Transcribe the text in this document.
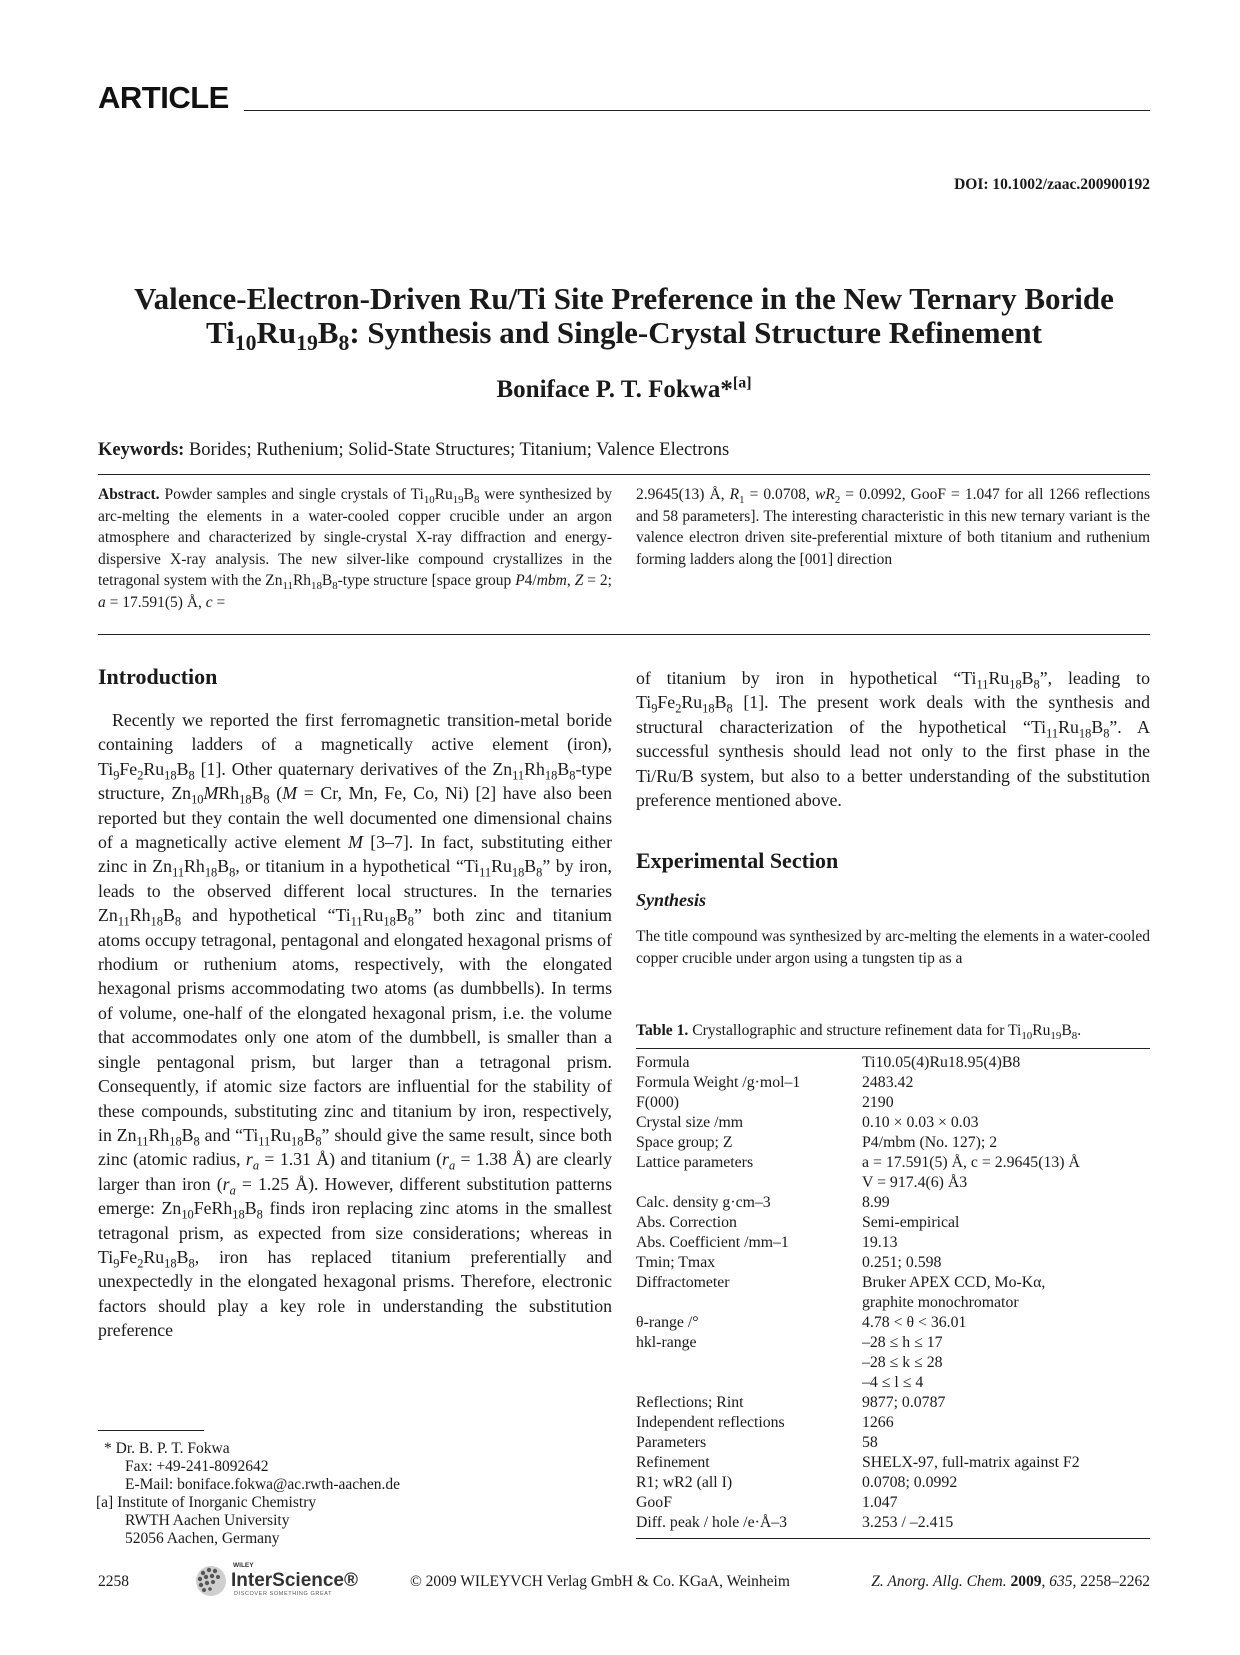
ARTICLE
DOI: 10.1002/zaac.200900192
Valence-Electron-Driven Ru/Ti Site Preference in the New Ternary Boride
$Ti_{10}Ru_{19}B_8$: Synthesis and Single-Crystal Structure Refinement
Boniface P. T. Fokwa*[a]
Keywords: Borides; Ruthenium; Solid-State Structures; Titanium; Valence Electrons
Abstract. Powder samples and single crystals of $Ti_{10}Ru_{19}B_8$ were synthesized by arc-melting the elements in a water-cooled copper crucible under an argon atmosphere and characterized by single-crystal X-ray diffraction and energy-dispersive X-ray analysis. The new silver-like compound crystallizes in the tetragonal system with the $Zn_{11}Rh_{18}B_8$-type structure [space group P4/mbm, Z = 2; a = 17.591(5) Å, c =
2.9645(13) Å, $R_1 = 0.0708$, $wR_2 = 0.0992$, GooF = 1.047 for all 1266 reflections and 58 parameters]. The interesting characteristic in this new ternary variant is the valence electron driven site-preferential mixture of both titanium and ruthenium forming ladders along the [001] direction
Introduction

Recently we reported the first ferromagnetic transition-metal boride containing ladders of a magnetically active element (iron), $Ti_9Fe_2Ru_{18}B_8$ [1]. Other quaternary derivatives of the $Zn_{11}Rh_{18}B_8$-type structure, $Zn_{10}MRh_{18}B_8$ (M = Cr, Mn, Fe, Co, Ni) [2] have also been reported but they contain the well documented one dimensional chains of a magnetically active element M [3–7]. In fact, substituting either zinc in $Zn_{11}Rh_{18}B_8$, or titanium in a hypothetical “$Ti_{11}Ru_{18}B_8$” by iron, leads to the observed different local structures. In the ternaries $Zn_{11}Rh_{18}B_8$ and hypothetical “$Ti_{11}Ru_{18}B_8$” both zinc and titanium atoms occupy tetragonal, pentagonal and elongated hexagonal prisms of rhodium or ruthenium atoms, respectively, with the elongated hexagonal prisms accommodating two atoms (as dumbbells). In terms of volume, one-half of the elongated hexagonal prism, i.e. the volume that accommodates only one atom of the dumbbell, is smaller than a single pentagonal prism, but larger than a tetragonal prism. Consequently, if atomic size factors are influential for the stability of these compounds, substituting zinc and titanium by iron, respectively, in $Zn_{11}Rh_{18}B_8$ and “$Ti_{11}Ru_{18}B_8$” should give the same result, since both zinc (atomic radius, $r_a = 1.31$ Å) and titanium ($r_a = 1.38$ Å) are clearly larger than iron ($r_a = 1.25$ Å). However, different substitution patterns emerge: $Zn_{10}FeRh_{18}B_8$ finds iron replacing zinc atoms in the smallest tetragonal prism, as expected from size considerations; whereas in $Ti_9Fe_2Ru_{18}B_8$, iron has replaced titanium preferentially and unexpectedly in the elongated hexagonal prisms. Therefore, electronic factors should play a key role in understanding the substitution preference

of titanium by iron in hypothetical “$Ti_{11}Ru_{18}B_8$”, leading to $Ti_9Fe_2Ru_{18}B_8$ [1]. The present work deals with the synthesis and structural characterization of the hypothetical “$Ti_{11}Ru_{18}B_8$”. A successful synthesis should lead not only to the first phase in the Ti/Ru/B system, but also to a better understanding of the substitution preference mentioned above.

Experimental Section
Synthesis
The title compound was synthesized by arc-melting the elements in a water-cooled copper crucible under argon using a tungsten tip as a
Table 1. Crystallographic and structure refinement data for $Ti_{10}Ru_{19}B_8$.
Formula	Ti10.05(4)Ru18.95(4)B8
Formula Weight /g·mol–1	2483.42
F(000)	2190
Crystal size /mm	0.10 × 0.03 × 0.03
Space group; Z	P4/mbm (No. 127); 2
Lattice parameters	a = 17.591(5) Å, c = 2.9645(13) Å
V = 917.4(6) Å3
Calc. density g·cm–3	8.99
Abs. Correction	Semi-empirical
Abs. Coefficient /mm–1	19.13
Tmin; Tmax	0.251; 0.598
Diffractometer	Bruker APEX CCD, Mo-Kα,
graphite monochromator
θ-range /°	4.78 < θ < 36.01
hkl-range	–28 ≤ h ≤ 17
–28 ≤ k ≤ 28
–4 ≤ l ≤ 4
Reflections; Rint	9877; 0.0787
Independent reflections	1266
Parameters	58
Refinement	SHELX-97, full-matrix against F2
R1; wR2 (all I)	0.0708; 0.0992
GooF	1.047
Diff. peak / hole /e·Å–3	3.253 / –2.415
* Dr. B. P. T. Fokwa
Fax: +49-241-8092642
E-Mail: boniface.fokwa@ac.rwth-aachen.de
[a] Institute of Inorganic Chemistry
RWTH Aachen University
52056 Aachen, Germany
2258
WILEY
InterScience®
DISCOVER SOMETHING GREAT
© 2009 WILEYVCH Verlag GmbH & Co. KGaA, Weinheim	Z. Anorg. Allg. Chem. 2009, 635, 2258–2262
